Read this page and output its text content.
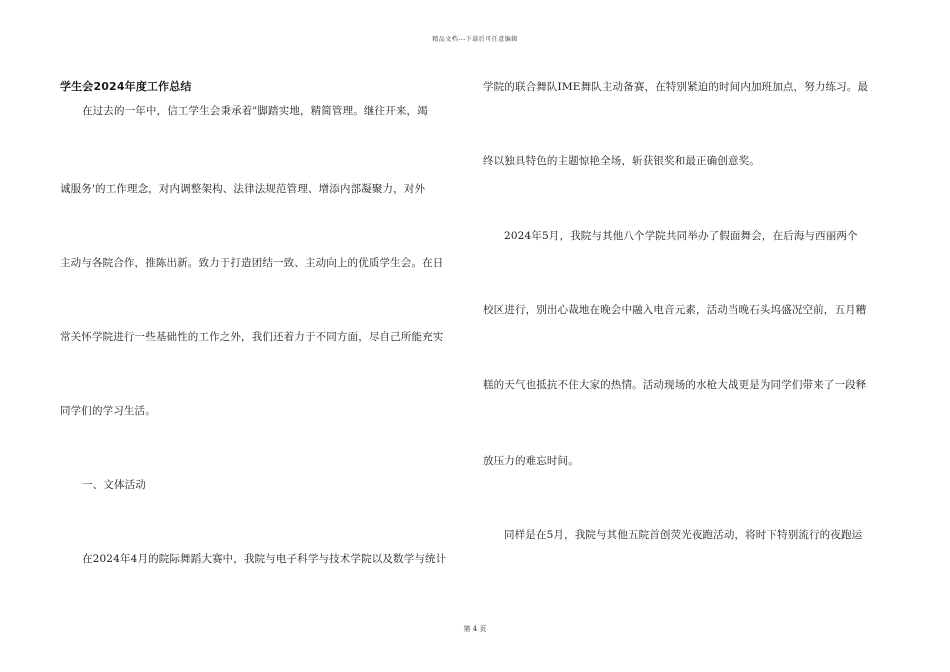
精品文档---下载后可任意编辑
学生会2024年度工作总结
在过去的一年中，信工学生会秉承着"脚踏实地，精简管理。继往开来，竭
诚服务'的工作理念，对内调整架构、法律法规范管理、增添内部凝聚力，对外
主动与各院合作，推陈出新。致力于打造团结一致、主动向上的优质学生会。在日
常关怀学院进行一些基础性的工作之外，我们还着力于不同方面，尽自己所能充实
同学们的学习生活。
一、文体活动
在2024年4月的院际舞蹈大赛中，我院与电子科学与技术学院以及数学与统计
学院的联合舞队IME舞队主动备赛，在特别紧迫的时间内加班加点，努力练习。最
终以独具特色的主题惊艳全场，斩获银奖和最正确创意奖。
2024年5月，我院与其他八个学院共同举办了假面舞会，在后海与西丽两个
校区进行，别出心裁地在晚会中融入电音元素，活动当晚石头坞盛况空前，五月糟
糕的天气也抵抗不住大家的热情。活动现场的水枪大战更是为同学们带来了一段释
放压力的难忘时间。
同样是在5月，我院与其他五院首创荧光夜跑活动，将时下特别流行的夜跑运
第 4 页
